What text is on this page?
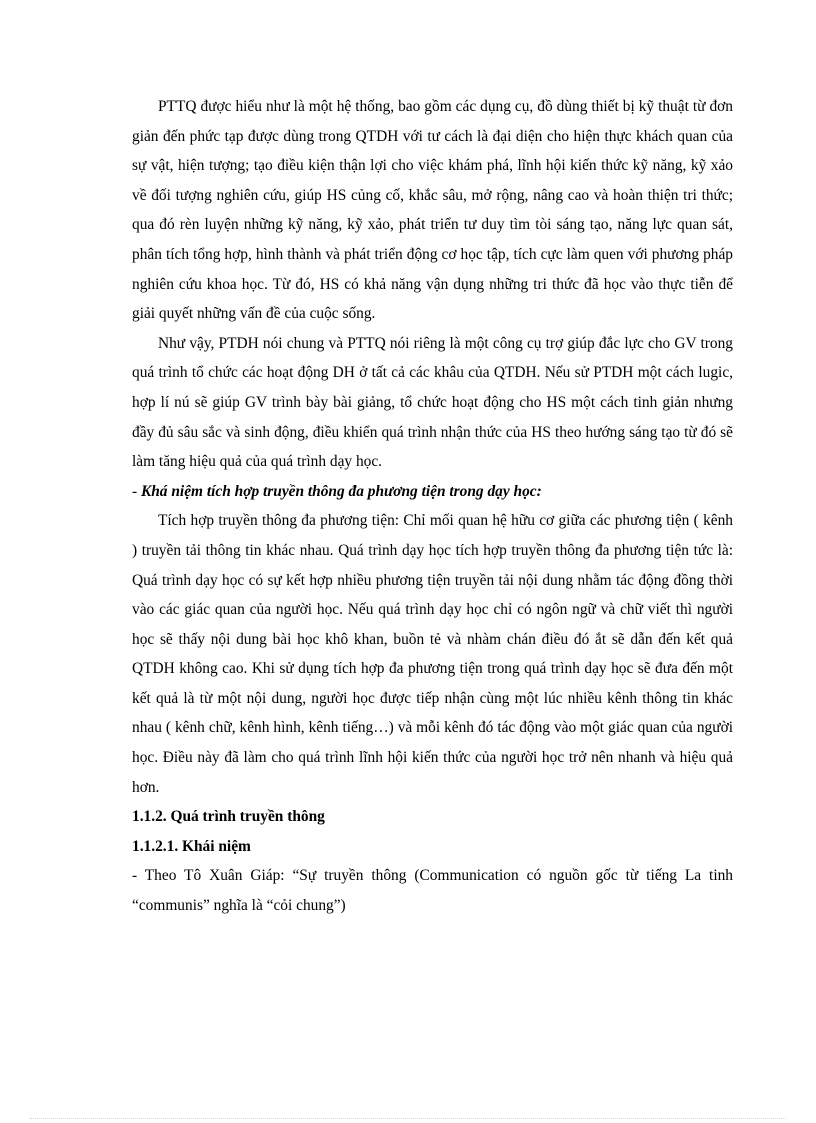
PTTQ được hiểu như là một hệ thống, bao gồm các dụng cụ, đồ dùng thiết bị kỹ thuật từ đơn giản đến phức tạp được dùng trong QTDH với tư cách là đại diện cho hiện thực khách quan của sự vật, hiện tượng; tạo điều kiện thận lợi cho việc khám phá, lĩnh hội kiến thức kỹ năng, kỹ xảo về đối tượng nghiên cứu, giúp HS củng cố, khắc sâu, mở rộng, nâng cao và hoàn thiện tri thức; qua đó rèn luyện những kỹ năng, kỹ xảo, phát triển tư duy tìm tòi sáng tạo, năng lực quan sát, phân tích tổng hợp, hình thành và phát triển động cơ học tập, tích cực làm quen với phương pháp nghiên cứu khoa học. Từ đó, HS có khả năng vận dụng những tri thức đã học vào thực tiễn để giải quyết những vấn đề của cuộc sống.

Như vậy, PTDH nói chung và PTTQ nói riêng là một công cụ trợ giúp đắc lực cho GV trong quá trình tổ chức các hoạt động DH ở tất cả các khâu của QTDH. Nếu sử PTDH một cách lugic, hợp lí nú sẽ giúp GV trình bày bài giảng, tổ chức hoạt động cho HS một cách tinh giản nhưng đầy đủ sâu sắc và sinh động, điều khiển quá trình nhận thức của HS theo hướng sáng tạo từ đó sẽ làm tăng hiệu quả của quá trình dạy học.

- Khá niệm tích hợp truyền thông đa phương tiện trong dạy học:

Tích hợp truyền thông đa phương tiện: Chỉ mối quan hệ hữu cơ giữa các phương tiện ( kênh ) truyền tải thông tin khác nhau. Quá trình dạy học tích hợp truyền thông đa phương tiện tức là: Quá trình dạy học có sự kết hợp nhiều phương tiện truyền tải nội dung nhằm tác động đồng thời vào các giác quan của người học. Nếu quá trình dạy học chỉ có ngôn ngữ và chữ viết thì người học sẽ thấy nội dung bài học khô khan, buồn tẻ và nhàm chán điều đó ắt sẽ dẫn đến kết quả QTDH không cao. Khi sử dụng tích hợp đa phương tiện trong quá trình dạy học sẽ đưa đến một kết quả là từ một nội dung, người học được tiếp nhận cùng một lúc nhiều kênh thông tin khác nhau ( kênh chữ, kênh hình, kênh tiếng…) và mỗi kênh đó tác động vào một giác quan của người học. Điều này đã làm cho quá trình lĩnh hội kiến thức của người học trở nên nhanh và hiệu quả hơn.

1.1.2. Quá trình truyền thông

1.1.2.1. Khái niệm

- Theo Tô Xuân Giáp: “Sự truyền thông (Communication có nguồn gốc từ tiếng La tinh “communis” nghĩa là “cỏi chung”)
